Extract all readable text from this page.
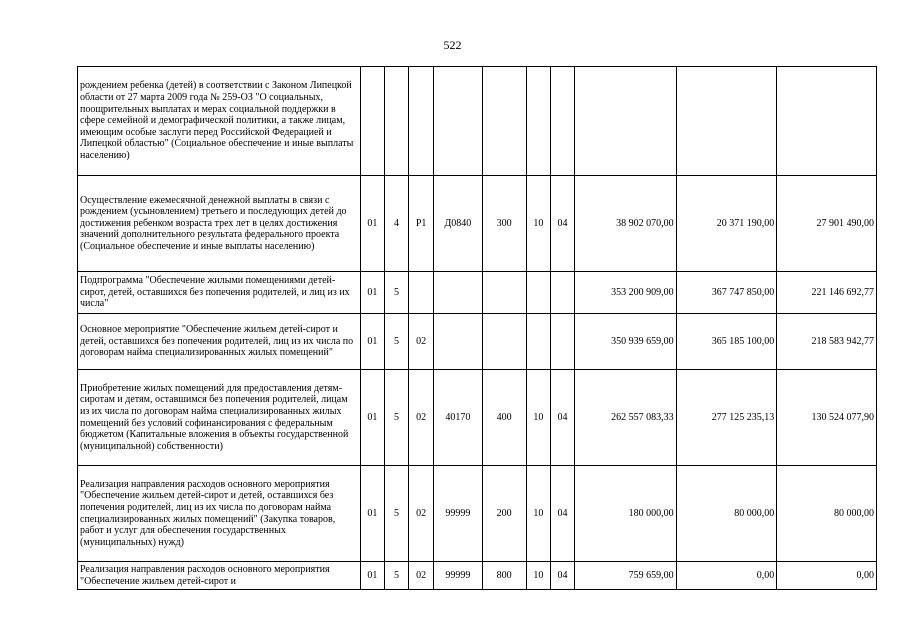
522
рождением ребенка (детей) в соответствии с Законом Липецкой области от 27 марта 2009 года № 259-ОЗ "О социальных, поощрительных выплатах и мерах социальной поддержки в сфере семейной и демографической политики, а также лицам, имеющим особые заслуги перед Российской Федерацией и Липецкой областью" (Социальное обеспечение и иные выплаты населению)										
Осуществление ежемесячной денежной выплаты в связи с рождением (усыновлением) третьего и последующих детей до достижения ребенком возраста трех лет в целях достижения значений дополнительного результата федерального проекта (Социальное обеспечение и иные выплаты населению)	01	4	P1	Д0840	300	10	04	38 902 070,00	20 371 190,00	27 901 490,00
Подпрограмма "Обеспечение жилыми помещениями детей-сирот, детей, оставшихся без попечения родителей, и лиц из их числа"	01	5						353 200 909,00	367 747 850,00	221 146 692,77
Основное мероприятие "Обеспечение жильем детей-сирот и детей, оставшихся без попечения родителей, лиц из их числа по договорам найма специализированных жилых помещений"	01	5	02					350 939 659,00	365 185 100,00	218 583 942,77
Приобретение жилых помещений для предоставления детям-сиротам и детям, оставшимся без попечения родителей, лицам из их числа по договорам найма специализированных жилых помещений без условий софинансирования с федеральным бюджетом (Капитальные вложения в объекты государственной (муниципальной) собственности)	01	5	02	40170	400	10	04	262 557 083,33	277 125 235,13	130 524 077,90
Реализация направления расходов основного мероприятия "Обеспечение жильем детей-сирот и детей, оставшихся без попечения родителей, лиц из их числа по договорам найма специализированных жилых помещений" (Закупка товаров, работ и услуг для обеспечения государственных (муниципальных) нужд)	01	5	02	99999	200	10	04	180 000,00	80 000,00	80 000,00
Реализация направления расходов основного мероприятия "Обеспечение жильем детей-сирот и	01	5	02	99999	800	10	04	759 659,00	0,00	0,00
